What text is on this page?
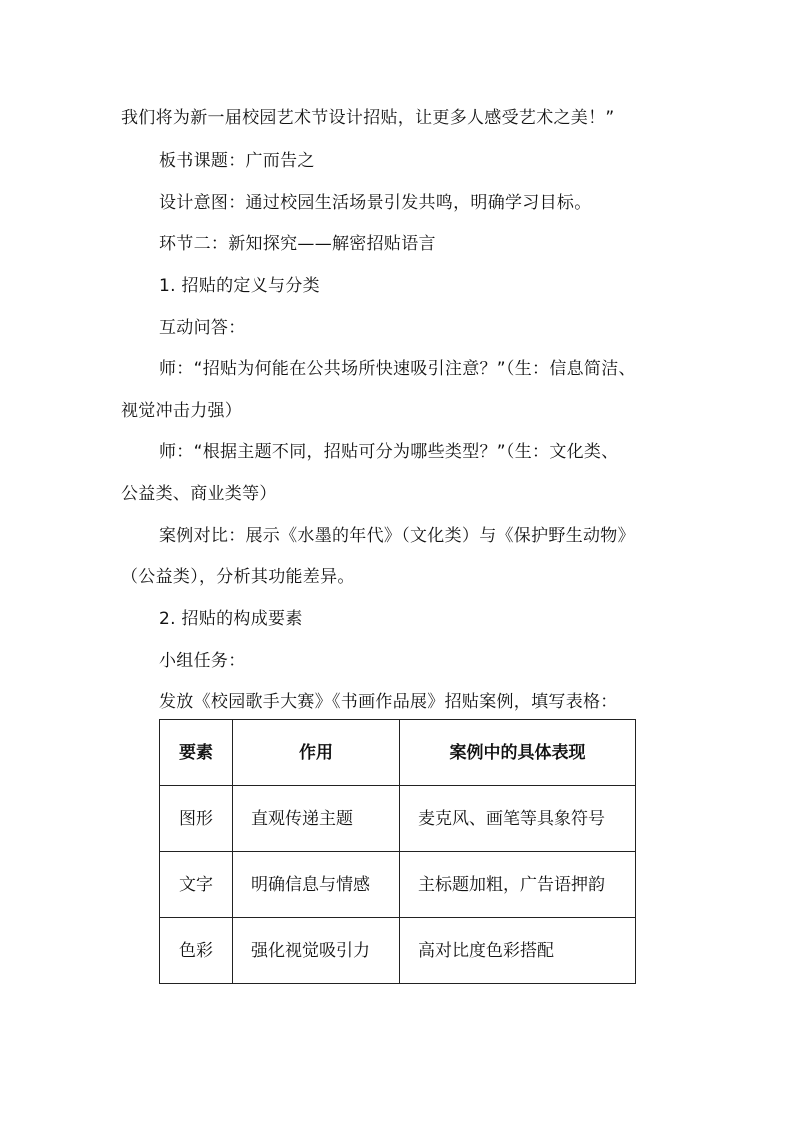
我们将为新一届校园艺术节设计招贴，让更多人感受艺术之美！”
板书课题：广而告之
设计意图：通过校园生活场景引发共鸣，明确学习目标。
环节二：新知探究——解密招贴语言
1. 招贴的定义与分类
互动问答：
师：“招贴为何能在公共场所快速吸引注意？”（生：信息简洁、
视觉冲击力强）
师：“根据主题不同，招贴可分为哪些类型？”（生：文化类、
公益类、商业类等）
案例对比：展示《水墨的年代》（文化类）与《保护野生动物》
（公益类），分析其功能差异。
2. 招贴的构成要素
小组任务：
发放《校园歌手大赛》《书画作品展》招贴案例，填写表格：
要素	作用	案例中的具体表现
图形	直观传递主题	麦克风、画笔等具象符号
文字	明确信息与情感	主标题加粗，广告语押韵
色彩	强化视觉吸引力	高对比度色彩搭配
